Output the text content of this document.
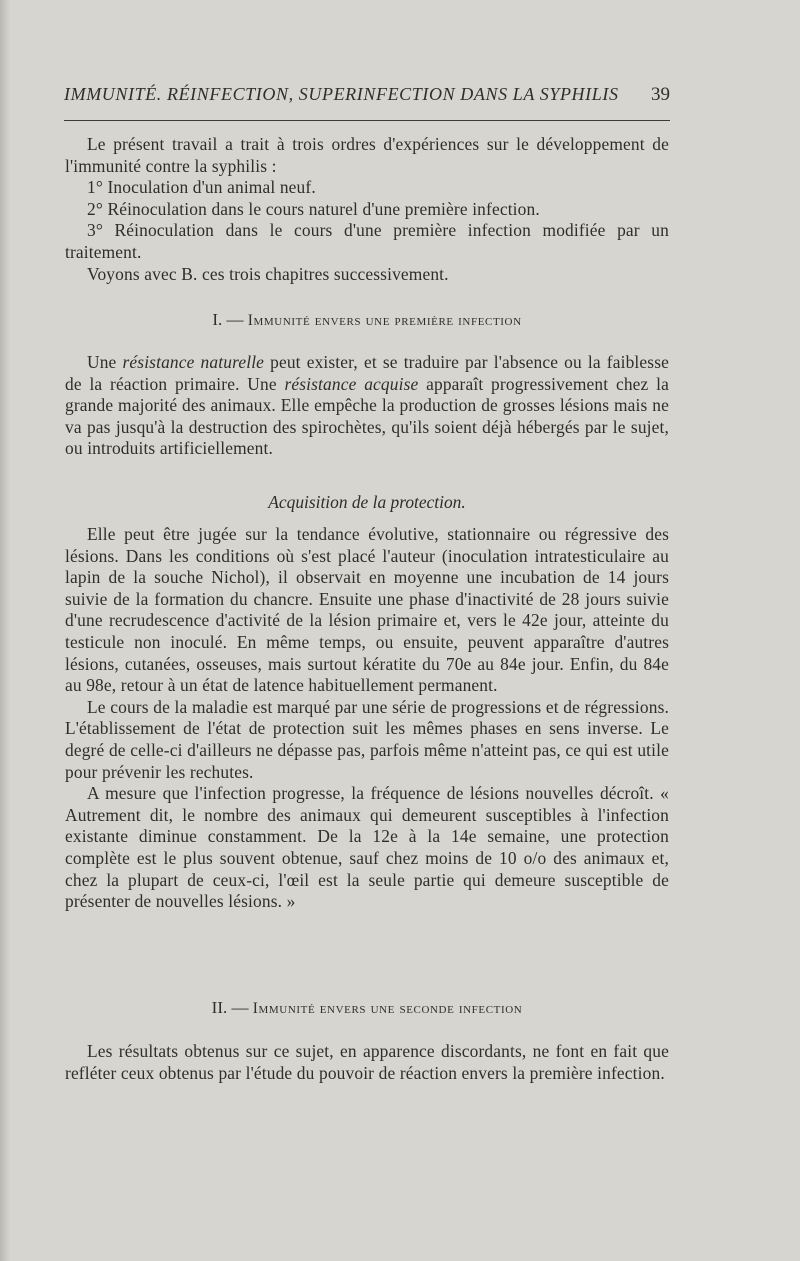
IMMUNITÉ. RÉINFECTION, SUPERINFECTION DANS LA SYPHILIS 39

Le présent travail a trait à trois ordres d'expériences sur le développement de l'immunité contre la syphilis :

1° Inoculation d'un animal neuf.

2° Réinoculation dans le cours naturel d'une première infection.

3° Réinoculation dans le cours d'une première infection modifiée par un traitement.

Voyons avec B. ces trois chapitres successivement.

I. — Immunité envers une première infection

Une résistance naturelle peut exister, et se traduire par l'absence ou la faiblesse de la réaction primaire. Une résistance acquise apparaît progressivement chez la grande majorité des animaux. Elle empêche la production de grosses lésions mais ne va pas jusqu'à la destruction des spirochètes, qu'ils soient déjà hébergés par le sujet, ou introduits artificiellement.

Acquisition de la protection.

Elle peut être jugée sur la tendance évolutive, stationnaire ou régressive des lésions. Dans les conditions où s'est placé l'auteur (inoculation intratesticulaire au lapin de la souche Nichol), il observait en moyenne une incubation de 14 jours suivie de la formation du chancre. Ensuite une phase d'inactivité de 28 jours suivie d'une recrudescence d'activité de la lésion primaire et, vers le 42e jour, atteinte du testicule non inoculé. En même temps, ou ensuite, peuvent apparaître d'autres lésions, cutanées, osseuses, mais surtout kératite du 70e au 84e jour. Enfin, du 84e au 98e, retour à un état de latence habituellement permanent.

Le cours de la maladie est marqué par une série de progressions et de régressions. L'établissement de l'état de protection suit les mêmes phases en sens inverse. Le degré de celle-ci d'ailleurs ne dépasse pas, parfois même n'atteint pas, ce qui est utile pour prévenir les rechutes.

A mesure que l'infection progresse, la fréquence de lésions nouvelles décroît. « Autrement dit, le nombre des animaux qui demeurent susceptibles à l'infection existante diminue constamment. De la 12e à la 14e semaine, une protection complète est le plus souvent obtenue, sauf chez moins de 10 o/o des animaux et, chez la plupart de ceux-ci, l'œil est la seule partie qui demeure susceptible de présenter de nouvelles lésions. »

II. — Immunité envers une seconde infection

Les résultats obtenus sur ce sujet, en apparence discordants, ne font en fait que refléter ceux obtenus par l'étude du pouvoir de réaction envers la première infection.
